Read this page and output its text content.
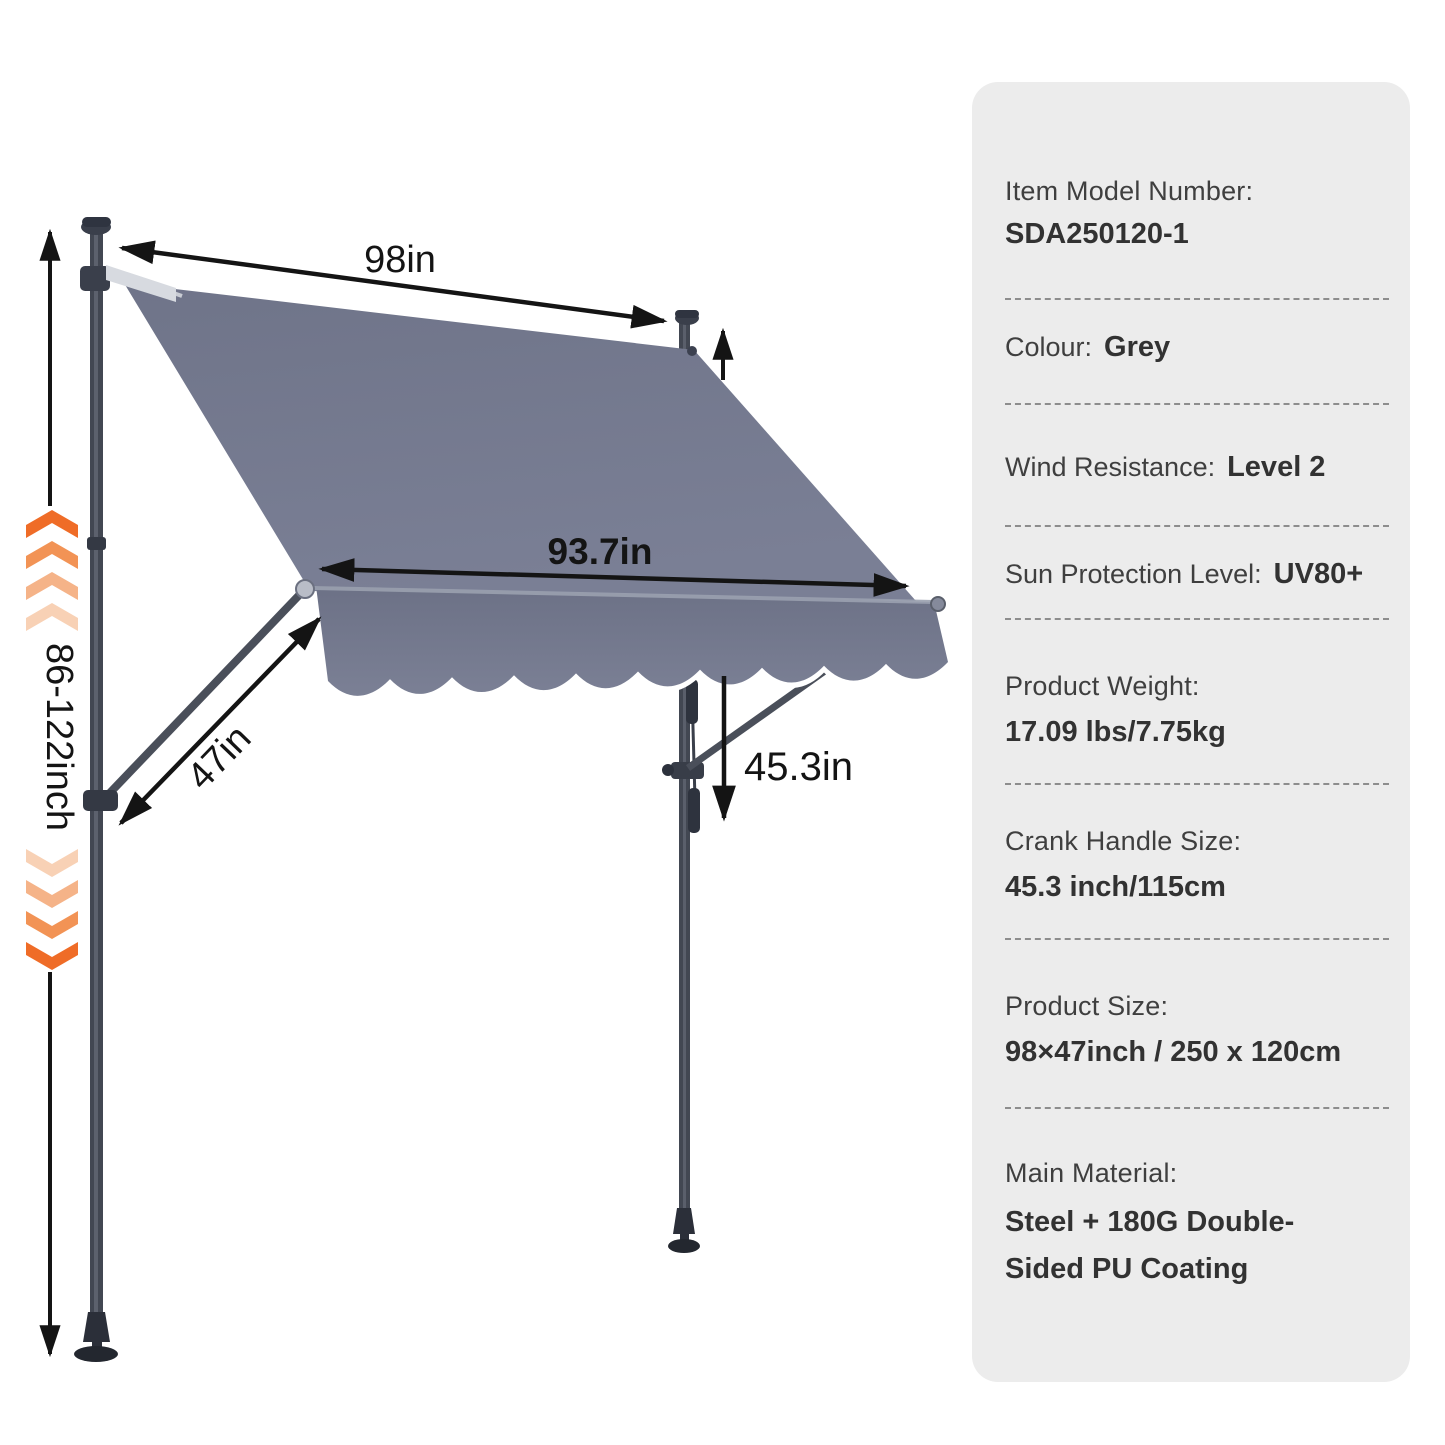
86-122inch
98in
93.7in
47in	45.3in
Item Model Number:
SDA250120-1
Colour: Grey
Wind Resistance: Level 2
Sun Protection Level: UV80+
Product Weight:
17.09 lbs/7.75kg
Crank Handle Size:
45.3 inch/115cm
Product Size:
98×47inch / 250 x 120cm
Main Material:
Steel + 180G Double-
Sided PU Coating
